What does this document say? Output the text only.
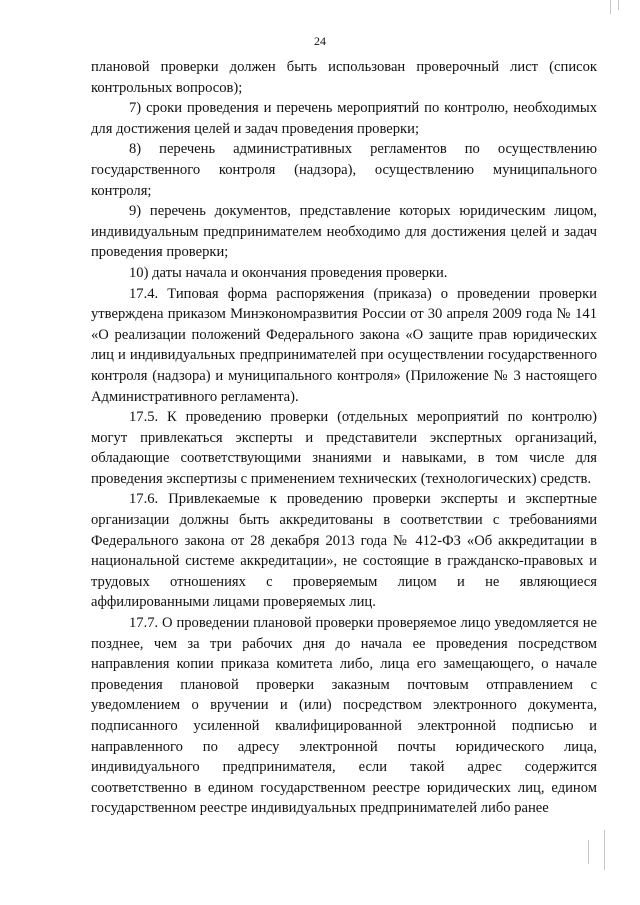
24

плановой проверки должен быть использован проверочный лист (список контрольных вопросов);

7) сроки проведения и перечень мероприятий по контролю, необходимых для достижения целей и задач проведения проверки;

8) перечень административных регламентов по осуществлению государственного контроля (надзора), осуществлению муниципального контроля;

9) перечень документов, представление которых юридическим лицом, индивидуальным предпринимателем необходимо для достижения целей и задач проведения проверки;

10) даты начала и окончания проведения проверки.

17.4. Типовая форма распоряжения (приказа) о проведении проверки утверждена приказом Минэкономразвития России от 30 апреля 2009 года № 141 «О реализации положений Федерального закона «О защите прав юридических лиц и индивидуальных предпринимателей при осуществлении государственного контроля (надзора) и муниципального контроля» (Приложение № 3 настоящего Административного регламента).

17.5. К проведению проверки (отдельных мероприятий по контролю) могут привлекаться эксперты и представители экспертных организаций, обладающие соответствующими знаниями и навыками, в том числе для проведения экспертизы с применением технических (технологических) средств.

17.6. Привлекаемые к проведению проверки эксперты и экспертные организации должны быть аккредитованы в соответствии с требованиями Федерального закона от 28 декабря 2013 года № 412-ФЗ «Об аккредитации в национальной системе аккредитации», не состоящие в гражданско-правовых и трудовых отношениях с проверяемым лицом и не являющиеся аффилированными лицами проверяемых лиц.

17.7. О проведении плановой проверки проверяемое лицо уведомляется не позднее, чем за три рабочих дня до начала ее проведения посредством направления копии приказа комитета либо, лица его замещающего, о начале проведения плановой проверки заказным почтовым отправлением с уведомлением о вручении и (или) посредством электронного документа, подписанного усиленной квалифицированной электронной подписью и направленного по адресу электронной почты юридического лица, индивидуального предпринимателя, если такой адрес содержится соответственно в едином государственном реестре юридических лиц, едином государственном реестре индивидуальных предпринимателей либо ранее
